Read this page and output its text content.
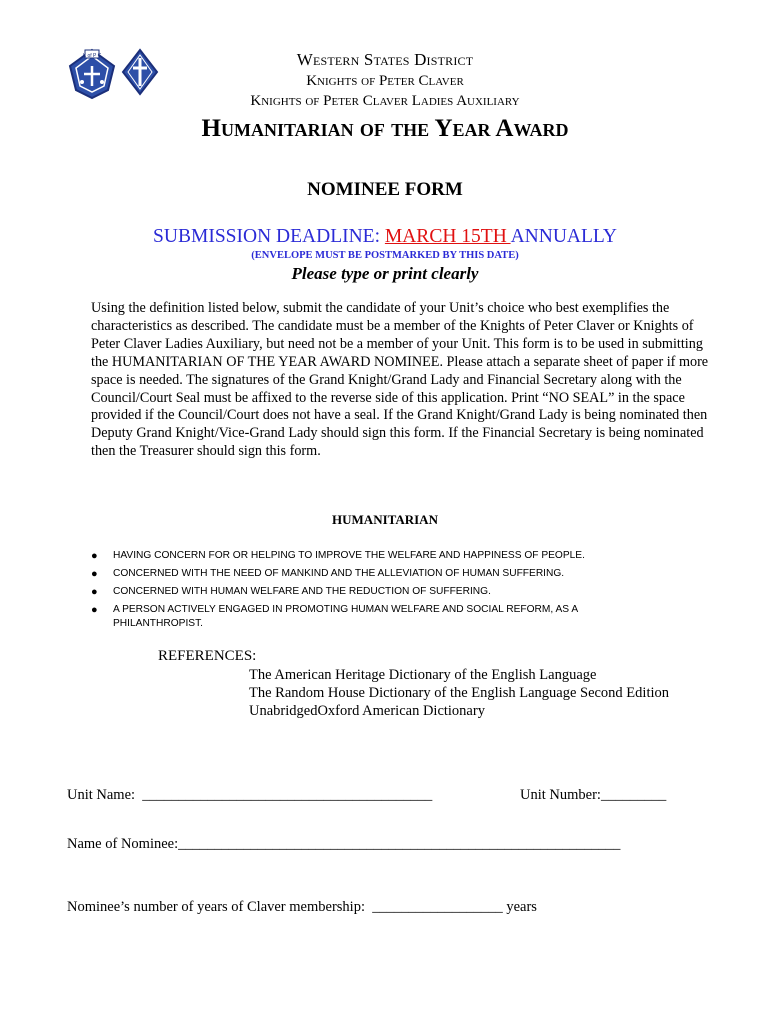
K of P C	Western States District
Knights of Peter Claver
Knights of Peter Claver Ladies Auxiliary
Humanitarian of the Year Award
NOMINEE FORM
SUBMISSION DEADLINE: MARCH 15TH ANNUALLY
(ENVELOPE MUST BE POSTMARKED BY THIS DATE)
Please type or print clearly
Using the definition listed below, submit the candidate of your Unit’s choice who best exemplifies the characteristics as described. The candidate must be a member of the Knights of Peter Claver or Knights of Peter Claver Ladies Auxiliary, but need not be a member of your Unit. This form is to be used in submitting the HUMANITARIAN OF THE YEAR AWARD NOMINEE. Please attach a separate sheet of paper if more space is needed. The signatures of the Grand Knight/Grand Lady and Financial Secretary along with the Council/Court Seal must be affixed to the reverse side of this application. Print “NO SEAL” in the space provided if the Council/Court does not have a seal. If the Grand Knight/Grand Lady is being nominated then Deputy Grand Knight/Vice-Grand Lady should sign this form. If the Financial Secretary is being nominated then the Treasurer should sign this form.
HUMANITARIAN
● HAVING CONCERN FOR OR HELPING TO IMPROVE THE WELFARE AND HAPPINESS OF PEOPLE.
● CONCERNED WITH THE NEED OF MANKIND AND THE ALLEVIATION OF HUMAN SUFFERING.
● CONCERNED WITH HUMAN WELFARE AND THE REDUCTION OF SUFFERING.
● A PERSON ACTIVELY ENGAGED IN PROMOTING HUMAN WELFARE AND SOCIAL REFORM, AS A PHILANTHROPIST.
REFERENCES:
The American Heritage Dictionary of the English Language
The Random House Dictionary of the English Language Second Edition
UnabridgedOxford American Dictionary
Unit Name:  ________________________________________	Unit Number:_________
Name of Nominee:_____________________________________________________________
Nominee’s number of years of Claver membership:  __________________ years
